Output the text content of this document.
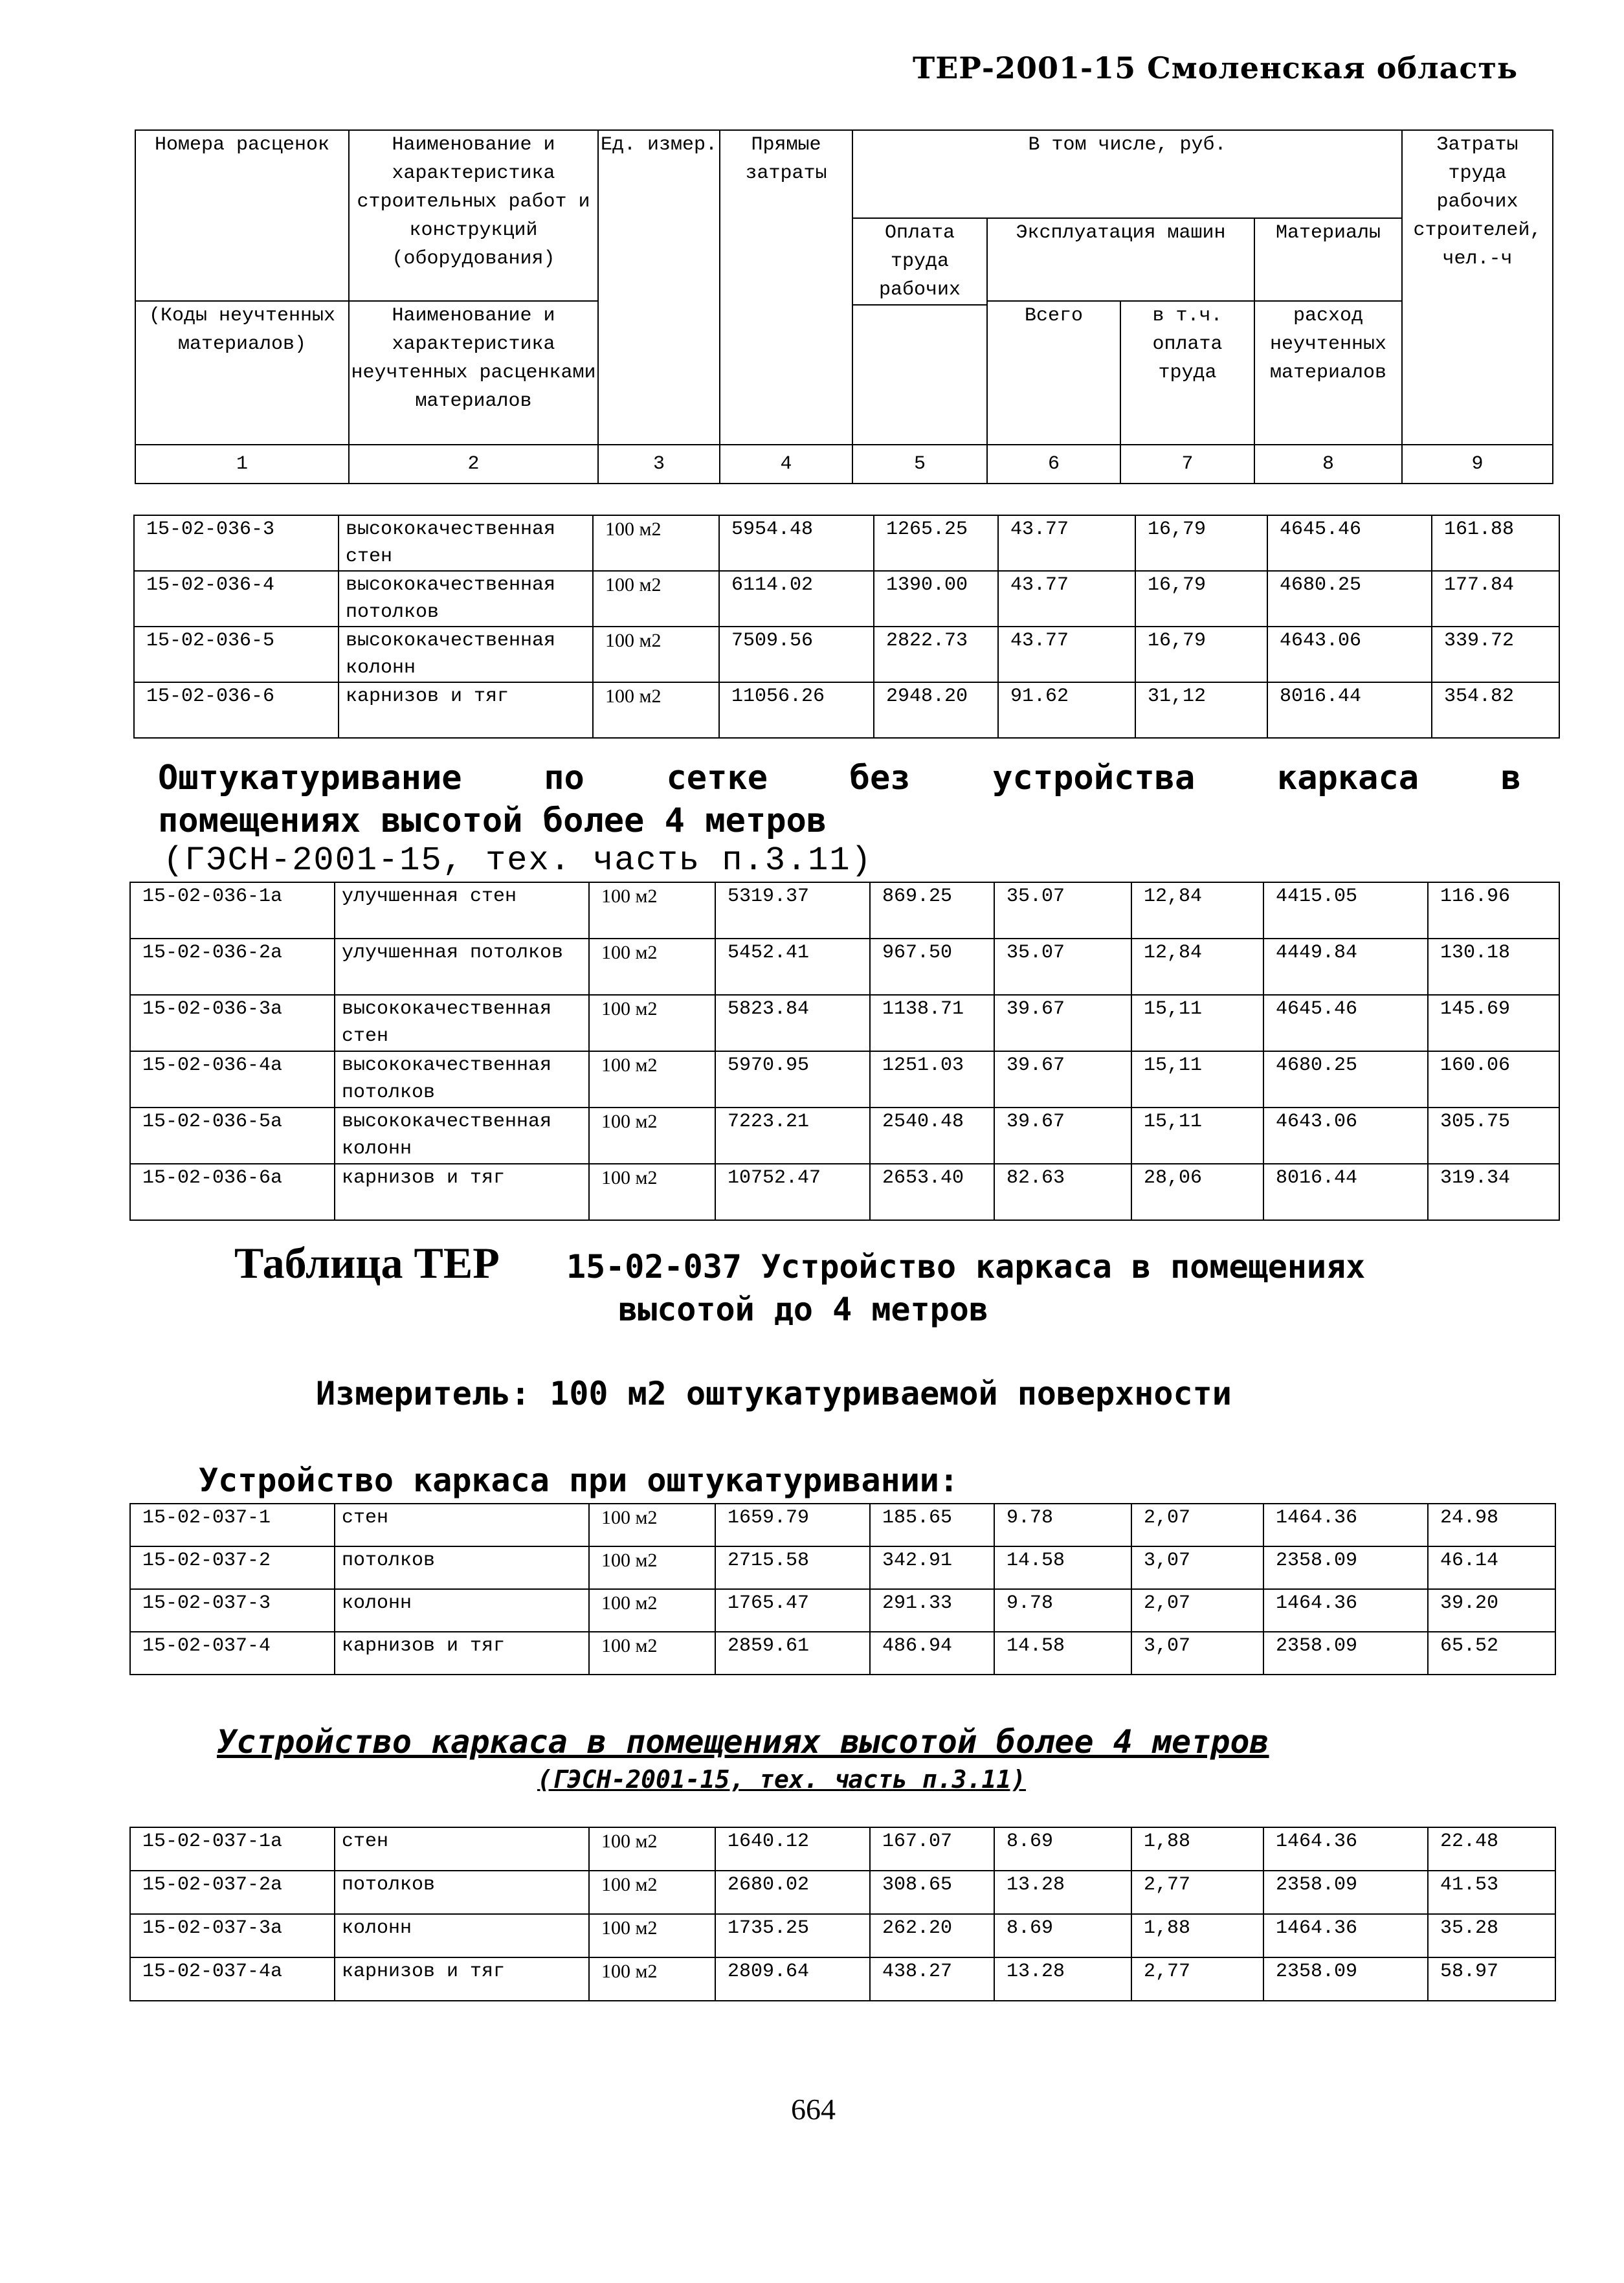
ТЕР-2001-15 Смоленская область
Номера расценок	Наименование и характеристика строительных работ и конструкций (оборудования)	Ед. измер.	Прямые затраты	В том числе, руб.				Затраты труда рабочих строителей, чел.-ч
				Оплата труда рабочих	Эксплуатация машин		Материалы	
(Коды неучтенных материалов)	Наименование и характеристика неучтенных расценками материалов				Всего	в т.ч. оплата труда	расход неучтенных материалов	

1	2	3	4	5	6	7	8	9
15-02-036-3	высококачественная стен	100 м2	5954.48	1265.25	43.77	16,79	4645.46	161.88
15-02-036-4	высококачественная потолков	100 м2	6114.02	1390.00	43.77	16,79	4680.25	177.84
15-02-036-5	высококачественная колонн	100 м2	7509.56	2822.73	43.77	16,79	4643.06	339.72
15-02-036-6	карнизов и тяг	100 м2	11056.26	2948.20	91.62	31,12	8016.44	354.82
Оштукатуривание по сетке без устройства каркаса в
помещениях высотой более 4 метров
(ГЭСН-2001-15, тех. часть п.3.11)
15-02-036-1а	улучшенная стен	100 м2	5319.37	869.25	35.07	12,84	4415.05	116.96
15-02-036-2а	улучшенная потолков	100 м2	5452.41	967.50	35.07	12,84	4449.84	130.18
15-02-036-3а	высококачественная стен	100 м2	5823.84	1138.71	39.67	15,11	4645.46	145.69
15-02-036-4а	высококачественная потолков	100 м2	5970.95	1251.03	39.67	15,11	4680.25	160.06
15-02-036-5а	высококачественная колонн	100 м2	7223.21	2540.48	39.67	15,11	4643.06	305.75
15-02-036-6а	карнизов и тяг	100 м2	10752.47	2653.40	82.63	28,06	8016.44	319.34
Таблица ТЕР 15-02-037 Устройство каркаса в помещениях
высотой до 4 метров
Измеритель: 100 м2 оштукатуриваемой поверхности
Устройство каркаса при оштукатуривании:
15-02-037-1	стен	100 м2	1659.79	185.65	9.78	2,07	1464.36	24.98
15-02-037-2	потолков	100 м2	2715.58	342.91	14.58	3,07	2358.09	46.14
15-02-037-3	колонн	100 м2	1765.47	291.33	9.78	2,07	1464.36	39.20
15-02-037-4	карнизов и тяг	100 м2	2859.61	486.94	14.58	3,07	2358.09	65.52
Устройство каркаса в помещениях высотой более 4 метров
(ГЭСН-2001-15, тех. часть п.3.11)
15-02-037-1а	стен	100 м2	1640.12	167.07	8.69	1,88	1464.36	22.48
15-02-037-2а	потолков	100 м2	2680.02	308.65	13.28	2,77	2358.09	41.53
15-02-037-3а	колонн	100 м2	1735.25	262.20	8.69	1,88	1464.36	35.28
15-02-037-4а	карнизов и тяг	100 м2	2809.64	438.27	13.28	2,77	2358.09	58.97
664
